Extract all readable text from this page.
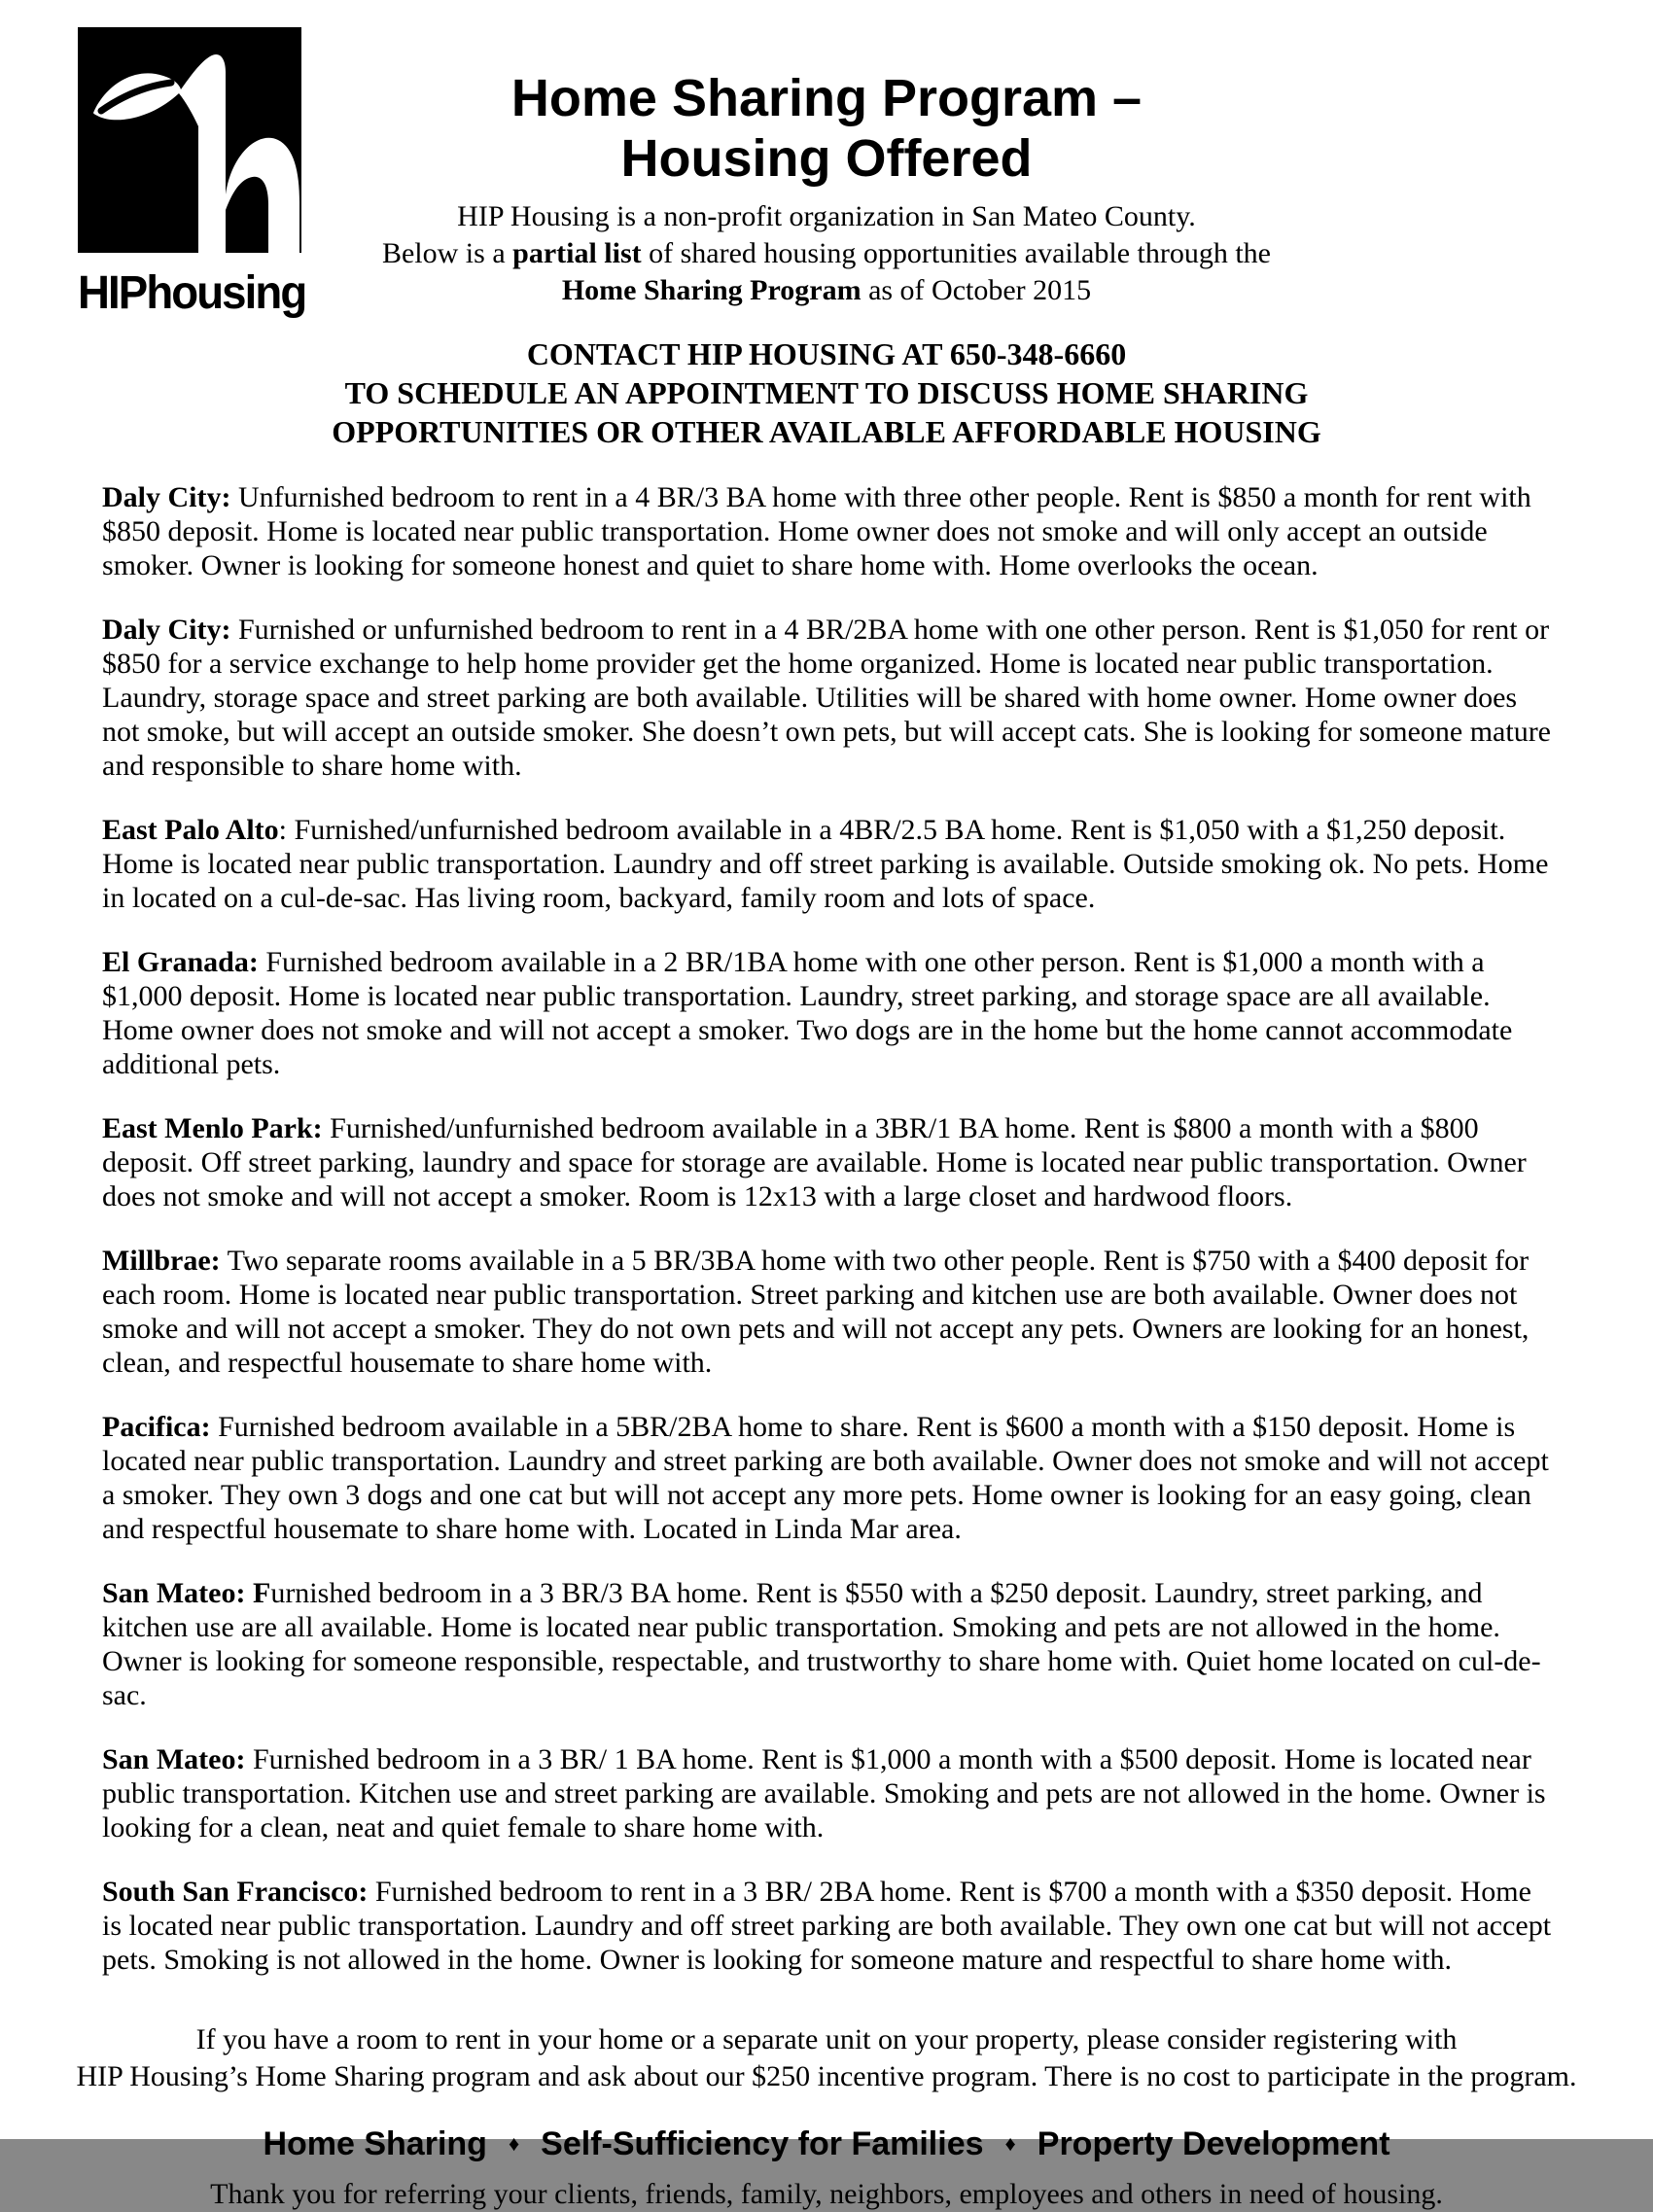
HIPhousing
Home Sharing Program –
Housing Offered

HIP Housing is a non-profit organization in San Mateo County.
Below is a partial list of shared housing opportunities available through the
Home Sharing Program as of October 2015

CONTACT HIP HOUSING AT 650-348-6660
TO SCHEDULE AN APPOINTMENT TO DISCUSS HOME SHARING
OPPORTUNITIES OR OTHER AVAILABLE AFFORDABLE HOUSING

Daly City: Unfurnished bedroom to rent in a 4 BR/3 BA home with three other people. Rent is $850 a month for rent with $850 deposit. Home is located near public transportation. Home owner does not smoke and will only accept an outside smoker. Owner is looking for someone honest and quiet to share home with. Home overlooks the ocean.

Daly City: Furnished or unfurnished bedroom to rent in a 4 BR/2BA home with one other person. Rent is $1,050 for rent or $850 for a service exchange to help home provider get the home organized. Home is located near public transportation. Laundry, storage space and street parking are both available. Utilities will be shared with home owner. Home owner does not smoke, but will accept an outside smoker. She doesn’t own pets, but will accept cats. She is looking for someone mature and responsible to share home with.

East Palo Alto: Furnished/unfurnished bedroom available in a 4BR/2.5 BA home. Rent is $1,050 with a $1,250 deposit. Home is located near public transportation. Laundry and off street parking is available. Outside smoking ok. No pets. Home in located on a cul-de-sac. Has living room, backyard, family room and lots of space.

El Granada: Furnished bedroom available in a 2 BR/1BA home with one other person. Rent is $1,000 a month with a $1,000 deposit. Home is located near public transportation. Laundry, street parking, and storage space are all available. Home owner does not smoke and will not accept a smoker. Two dogs are in the home but the home cannot accommodate additional pets.

East Menlo Park: Furnished/unfurnished bedroom available in a 3BR/1 BA home. Rent is $800 a month with a $800 deposit. Off street parking, laundry and space for storage are available. Home is located near public transportation. Owner does not smoke and will not accept a smoker. Room is 12x13 with a large closet and hardwood floors.

Millbrae: Two separate rooms available in a 5 BR/3BA home with two other people. Rent is $750 with a $400 deposit for each room. Home is located near public transportation. Street parking and kitchen use are both available. Owner does not smoke and will not accept a smoker. They do not own pets and will not accept any pets. Owners are looking for an honest, clean, and respectful housemate to share home with.

Pacifica: Furnished bedroom available in a 5BR/2BA home to share. Rent is $600 a month with a $150 deposit. Home is located near public transportation. Laundry and street parking are both available. Owner does not smoke and will not accept a smoker. They own 3 dogs and one cat but will not accept any more pets. Home owner is looking for an easy going, clean and respectful housemate to share home with. Located in Linda Mar area.

San Mateo: Furnished bedroom in a 3 BR/3 BA home. Rent is $550 with a $250 deposit. Laundry, street parking, and kitchen use are all available. Home is located near public transportation. Smoking and pets are not allowed in the home. Owner is looking for someone responsible, respectable, and trustworthy to share home with. Quiet home located on cul-de-sac.

San Mateo: Furnished bedroom in a 3 BR/ 1 BA home. Rent is $1,000 a month with a $500 deposit. Home is located near public transportation. Kitchen use and street parking are available. Smoking and pets are not allowed in the home. Owner is looking for a clean, neat and quiet female to share home with.

South San Francisco: Furnished bedroom to rent in a 3 BR/ 2BA home. Rent is $700 a month with a $350 deposit. Home is located near public transportation. Laundry and off street parking are both available. They own one cat but will not accept pets. Smoking is not allowed in the home. Owner is looking for someone mature and respectful to share home with.

If you have a room to rent in your home or a separate unit on your property, please consider registering with
HIP Housing’s Home Sharing program and ask about our $250 incentive program. There is no cost to participate in the program.

Home Sharing ♦ Self-Sufficiency for Families ♦ Property Development

Thank you for referring your clients, friends, family, neighbors, employees and others in need of housing.
